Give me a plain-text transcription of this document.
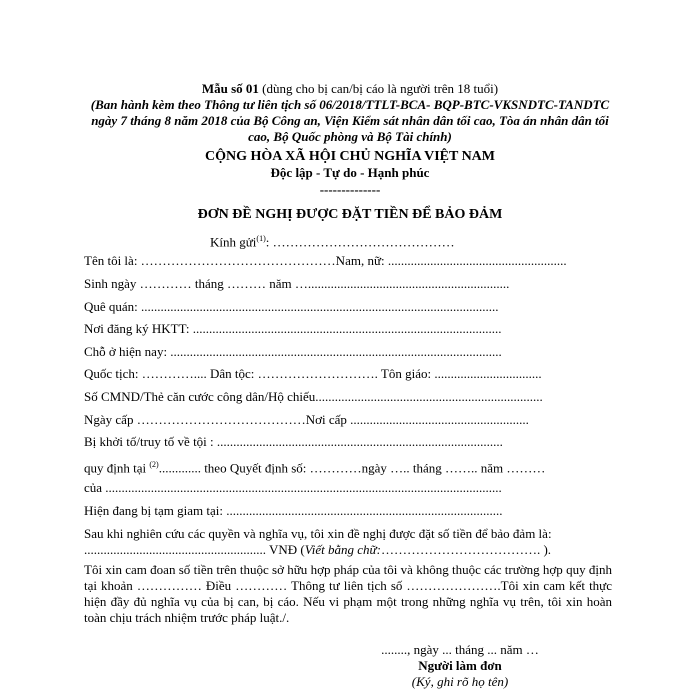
Mẫu số 01 (dùng cho bị can/bị cáo là người trên 18 tuổi)
(Ban hành kèm theo Thông tư liên tịch số 06/2018/TTLT-BCA- BQP-BTC-VKSNDTC-TANDTC
ngày 7 tháng 8 năm 2018 của Bộ Công an, Viện Kiểm sát nhân dân tối cao, Tòa án nhân dân tối
cao, Bộ Quốc phòng và Bộ Tài chính)
CỘNG HÒA XÃ HỘI CHỦ NGHĨA VIỆT NAM
Độc lập - Tự do - Hạnh phúc
--------------
ĐƠN ĐỀ NGHỊ ĐƯỢC ĐẶT TIỀN ĐỂ BẢO ĐẢM
Kính gửi$^{(1)}$: ……………………………………
Tên tôi là: ………………………………………Nam, nữ: .......................................................
Sinh ngày ………… tháng ……… năm …..............................................................
Quê quán: ..............................................................................................................
Nơi đăng ký HKTT: ...............................................................................................
Chỗ ở hiện nay: ......................................................................................................
Quốc tịch: ………….... Dân tộc: ………………………. Tôn giáo: .................................
Số CMND/Thẻ căn cước công dân/Hộ chiếu......................................................................
Ngày cấp …………………………………Nơi cấp .......................................................
Bị khởi tố/truy tố về tội : ........................................................................................
quy định tại $^{(2)}$............. theo Quyết định số: …………ngày ….. tháng …….. năm ………
của ..........................................................................................................................
Hiện đang bị tạm giam tại: .....................................................................................
Sau khi nghiên cứu các quyền và nghĩa vụ, tôi xin đề nghị được đặt số tiền để bảo đảm là:
........................................................ VNĐ (Viết bằng chữ:………………………………. ).
Tôi xin cam đoan số tiền trên thuộc sở hữu hợp pháp của tôi và không thuộc các trường hợp quy định tại khoản …………… Điều ………… Thông tư liên tịch số ………………….Tôi xin cam kết thực hiện đầy đủ nghĩa vụ của bị can, bị cáo. Nếu vi phạm một trong những nghĩa vụ trên, tôi xin hoàn toàn chịu trách nhiệm trước pháp luật./.
........, ngày ... tháng ... năm …
Người làm đơn
(Ký, ghi rõ họ tên)
